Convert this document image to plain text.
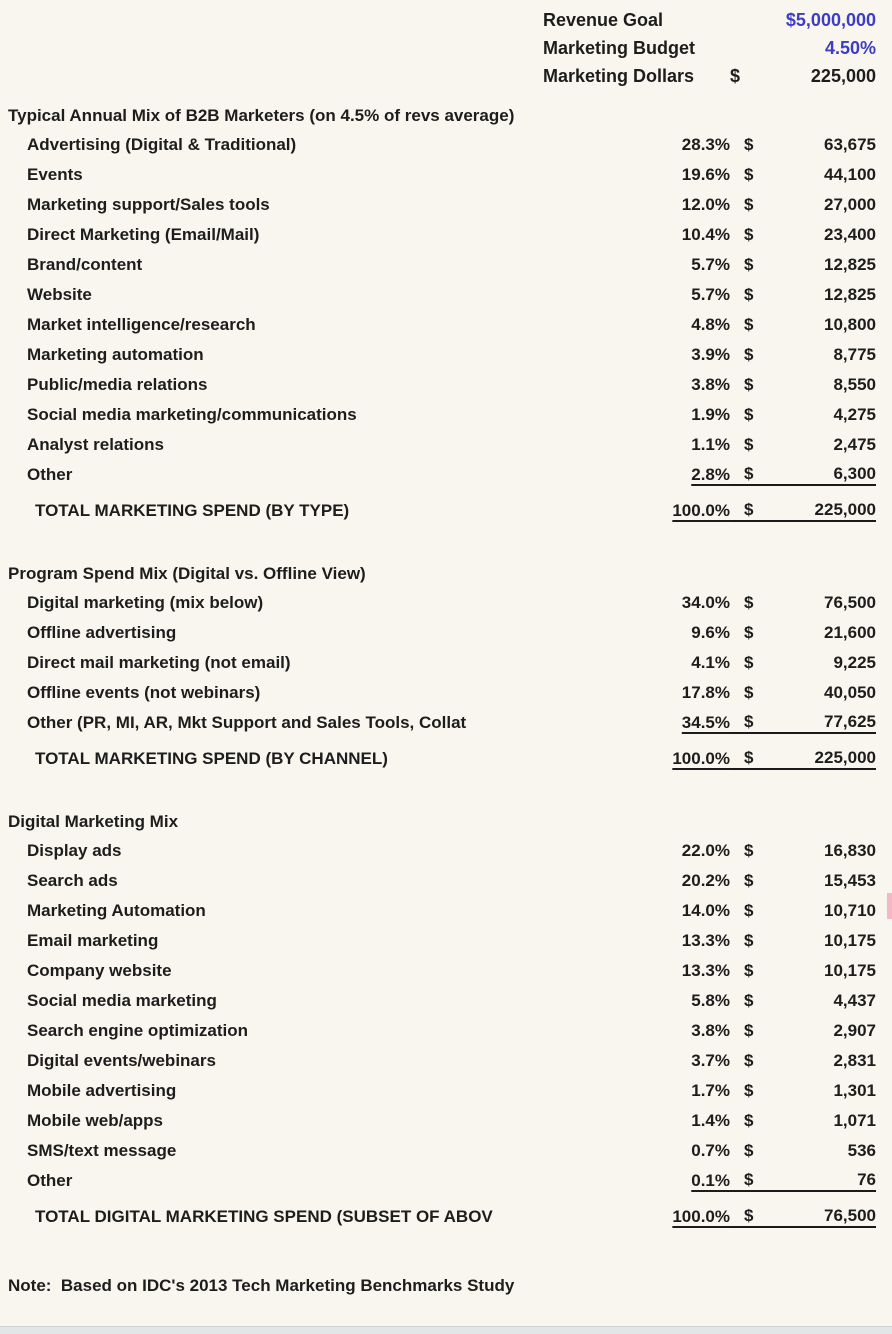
Revenue Goal	$5,000,000
Marketing Budget	4.50%
Marketing Dollars	$	225,000
Typical Annual Mix of B2B Marketers (on 4.5% of revs average)
Advertising (Digital & Traditional)	28.3% $	63,675
Events	19.6% $	44,100
Marketing support/Sales tools	12.0% $	27,000
Direct Marketing (Email/Mail)	10.4% $	23,400
Brand/content	5.7% $	12,825
Website	5.7% $	12,825
Market intelligence/research	4.8% $	10,800
Marketing automation	3.9% $	8,775
Public/media relations	3.8% $	8,550
Social media marketing/communications	1.9% $	4,275
Analyst relations	1.1% $	2,475
Other	2.8% $	6,300
TOTAL MARKETING SPEND (BY TYPE)	100.0% $	225,000
Program Spend Mix (Digital vs. Offline View)
Digital marketing (mix below)	34.0% $	76,500
Offline advertising	9.6% $	21,600
Direct mail marketing (not email)	4.1% $	9,225
Offline events (not webinars)	17.8% $	40,050
Other (PR, MI, AR, Mkt Support and Sales Tools, Collat	34.5% $	77,625
TOTAL MARKETING SPEND (BY CHANNEL)	100.0% $	225,000
Digital Marketing Mix
Display ads	22.0% $	16,830
Search ads	20.2% $	15,453
Marketing Automation	14.0% $	10,710
Email marketing	13.3% $	10,175
Company website	13.3% $	10,175
Social media marketing	5.8% $	4,437
Search engine optimization	3.8% $	2,907
Digital events/webinars	3.7% $	2,831
Mobile advertising	1.7% $	1,301
Mobile web/apps	1.4% $	1,071
SMS/text message	0.7% $	536
Other	0.1% $	76
TOTAL DIGITAL MARKETING SPEND (SUBSET OF ABOV	100.0% $	76,500
Note:  Based on IDC's 2013 Tech Marketing Benchmarks Study
